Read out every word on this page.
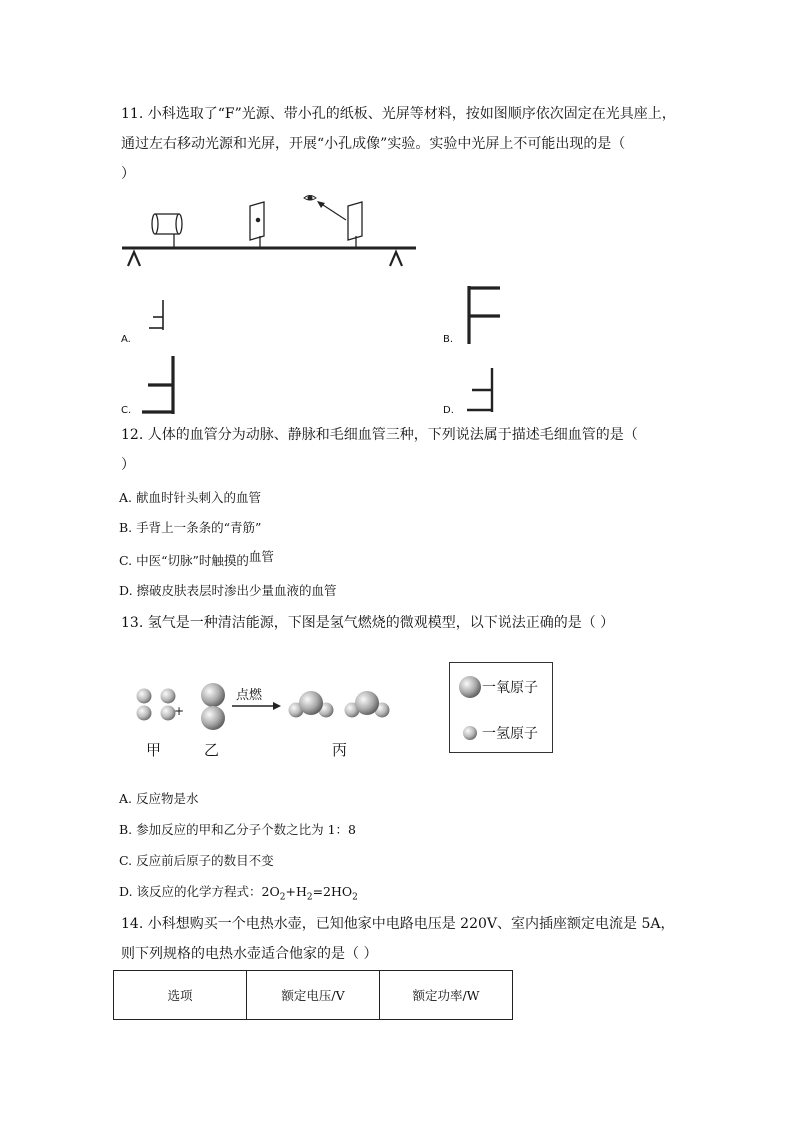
11. 小科选取了“F”光源、带小孔的纸板、光屏等材料，按如图顺序依次固定在光具座上，
通过左右移动光源和光屏，开展“小孔成像”实验。实验中光屏上不可能出现的是（
）
A.	B.
C.	D.
12. 人体的血管分为动脉、静脉和毛细血管三种，下列说法属于描述毛细血管的是（
）
A. 献血时针头刺入的血管
B. 手背上一条条的“青筋”
C. 中医“切脉”时触摸的血管
D. 擦破皮肤表层时渗出少量血液的血管
13. 氢气是一种清洁能源，下图是氢气燃烧的微观模型，以下说法正确的是（ ）
+
点燃
甲	乙	丙
一氧原子
一氢原子
A. 反应物是水
B. 参加反应的甲和乙分子个数之比为 1：8
C. 反应前后原子的数目不变
D. 该反应的化学方程式：$2O_2+H_2=2HO_2$
14. 小科想购买一个电热水壶，已知他家中电路电压是 220V、室内插座额定电流是 5A，
则下列规格的电热水壶适合他家的是（ ）
选项	额定电压/V	额定功率/W
